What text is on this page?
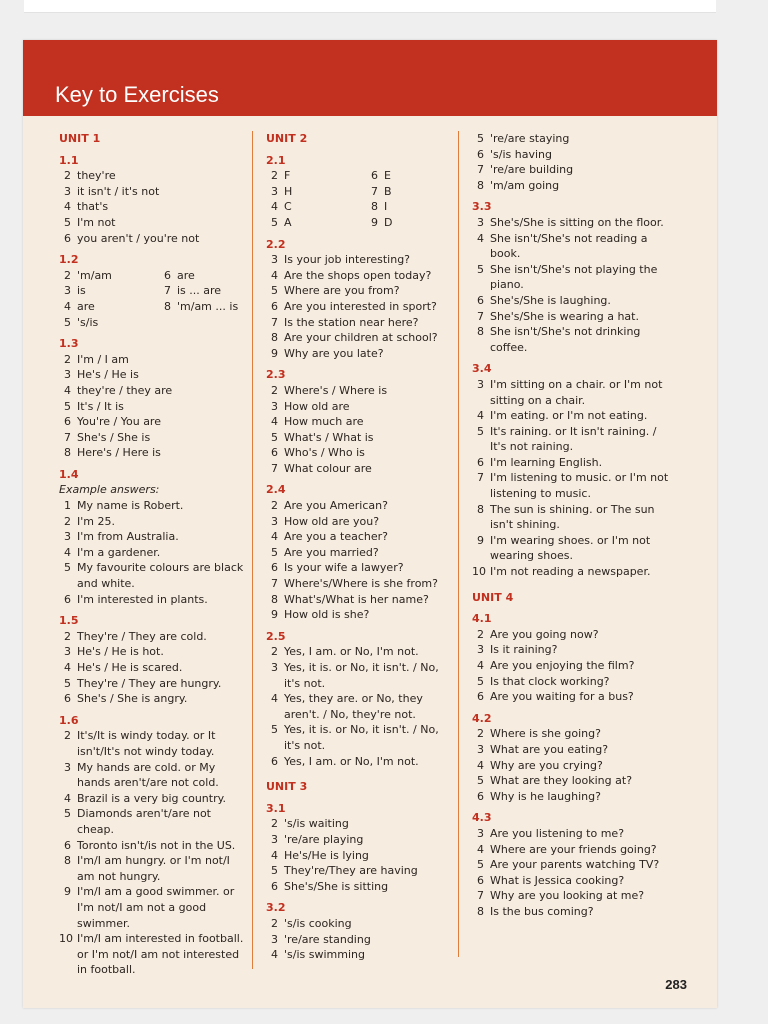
Key to Exercises
UNIT 1
1.1
2 they're
3 it isn't / it's not
4 that's
5 I'm not
6 you aren't / you're not
1.2
2 'm/am	6 are
3 is	7 is ... are
4 are	8 'm/am ... is
5 's/is
1.3
2 I'm / I am
3 He's / He is
4 they're / they are
5 It's / It is
6 You're / You are
7 She's / She is
8 Here's / Here is
1.4
Example answers:
1 My name is Robert.
2 I'm 25.
3 I'm from Australia.
4 I'm a gardener.
5 My favourite colours are black and white.
6 I'm interested in plants.
1.5
2 They're / They are cold.
3 He's / He is hot.
4 He's / He is scared.
5 They're / They are hungry.
6 She's / She is angry.
1.6
2 It's/It is windy today. or It isn't/It's not windy today.
3 My hands are cold. or My hands aren't/are not cold.
4 Brazil is a very big country.
5 Diamonds aren't/are not cheap.
6 Toronto isn't/is not in the US.
8 I'm/I am hungry. or I'm not/I am not hungry.
9 I'm/I am a good swimmer. or I'm not/I am not a good swimmer.
10 I'm/I am interested in football. or I'm not/I am not interested in football.
UNIT 2
2.1
2 F	6 E
3 H	7 B
4 C	8 I
5 A	9 D
2.2
3 Is your job interesting?
4 Are the shops open today?
5 Where are you from?
6 Are you interested in sport?
7 Is the station near here?
8 Are your children at school?
9 Why are you late?
2.3
2 Where's / Where is
3 How old are
4 How much are
5 What's / What is
6 Who's / Who is
7 What colour are
2.4
2 Are you American?
3 How old are you?
4 Are you a teacher?
5 Are you married?
6 Is your wife a lawyer?
7 Where's/Where is she from?
8 What's/What is her name?
9 How old is she?
2.5
2 Yes, I am. or No, I'm not.
3 Yes, it is. or No, it isn't. / No, it's not.
4 Yes, they are. or No, they aren't. / No, they're not.
5 Yes, it is. or No, it isn't. / No, it's not.
6 Yes, I am. or No, I'm not.
UNIT 3
3.1
2 's/is waiting
3 're/are playing
4 He's/He is lying
5 They're/They are having
6 She's/She is sitting
3.2
2 's/is cooking
3 're/are standing
4 's/is swimming
5 're/are staying
6 's/is having
7 're/are building
8 'm/am going
3.3
3 She's/She is sitting on the floor.
4 She isn't/She's not reading a book.
5 She isn't/She's not playing the piano.
6 She's/She is laughing.
7 She's/She is wearing a hat.
8 She isn't/She's not drinking coffee.
3.4
3 I'm sitting on a chair. or I'm not sitting on a chair.
4 I'm eating. or I'm not eating.
5 It's raining. or It isn't raining. / It's not raining.
6 I'm learning English.
7 I'm listening to music. or I'm not listening to music.
8 The sun is shining. or The sun isn't shining.
9 I'm wearing shoes. or I'm not wearing shoes.
10 I'm not reading a newspaper.
UNIT 4
4.1
2 Are you going now?
3 Is it raining?
4 Are you enjoying the film?
5 Is that clock working?
6 Are you waiting for a bus?
4.2
2 Where is she going?
3 What are you eating?
4 Why are you crying?
5 What are they looking at?
6 Why is he laughing?
4.3
3 Are you listening to me?
4 Where are your friends going?
5 Are your parents watching TV?
6 What is Jessica cooking?
7 Why are you looking at me?
8 Is the bus coming?
283
